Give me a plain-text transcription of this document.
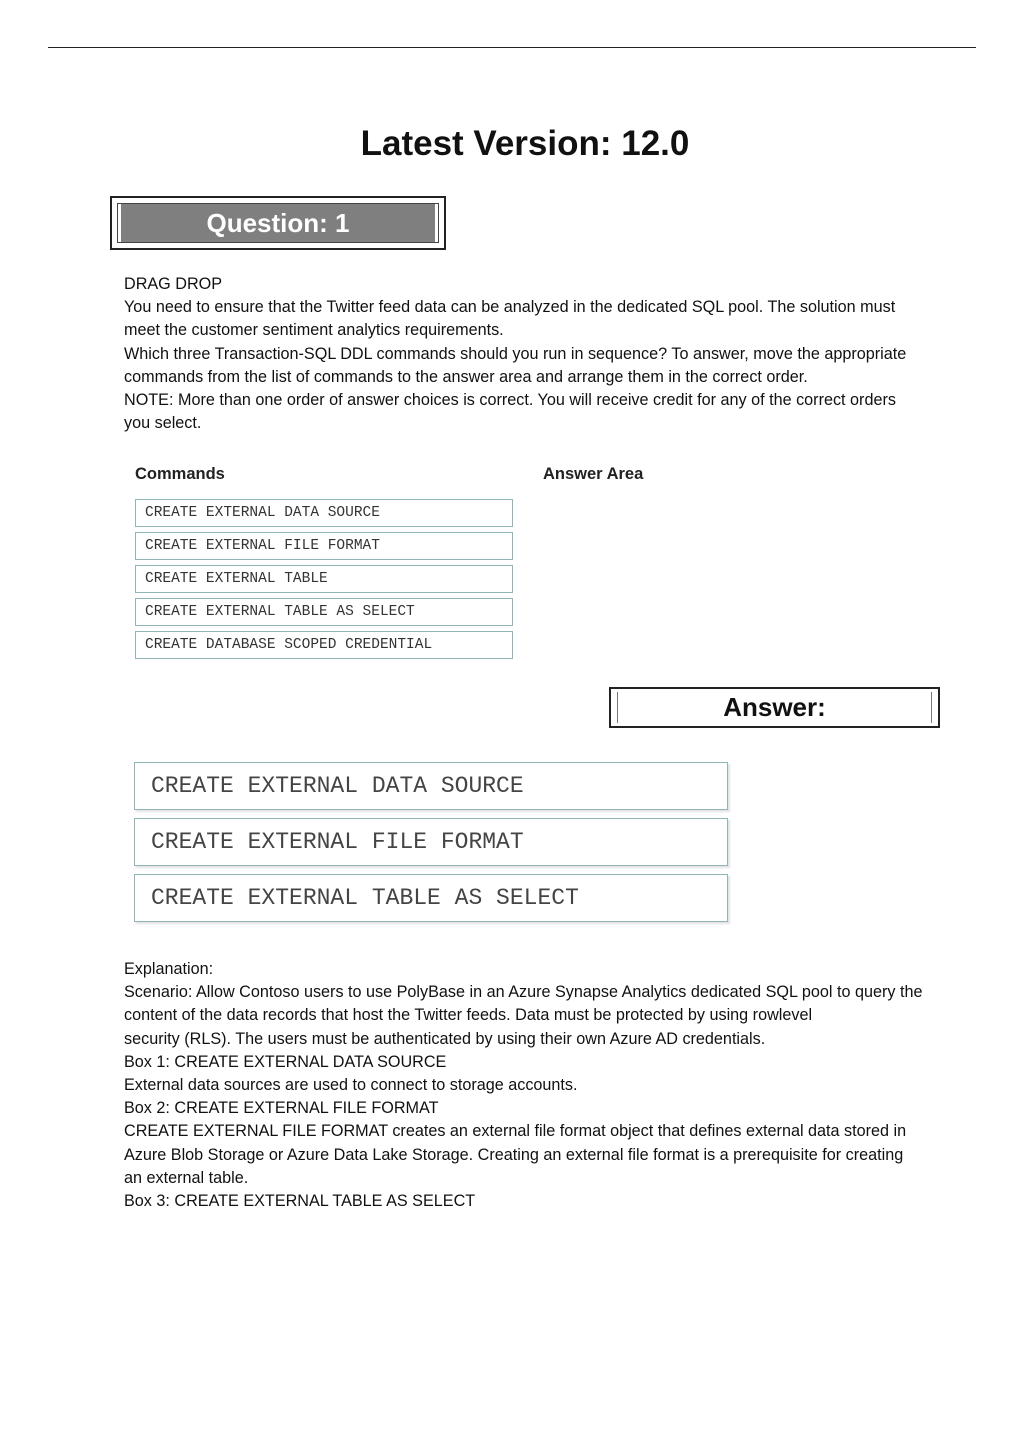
Latest Version: 12.0
Question: 1

DRAG DROP

You need to ensure that the Twitter feed data can be analyzed in the dedicated SQL pool. The solution must meet the customer sentiment analytics requirements.

Which three Transaction-SQL DDL commands should you run in sequence? To answer, move the appropriate commands from the list of commands to the answer area and arrange them in the correct order.

NOTE: More than one order of answer choices is correct. You will receive credit for any of the correct orders you select.

Commands	Answer Area
CREATE EXTERNAL DATA SOURCE
CREATE EXTERNAL FILE FORMAT
CREATE EXTERNAL TABLE
CREATE EXTERNAL TABLE AS SELECT
CREATE DATABASE SCOPED CREDENTIAL
Answer:
CREATE EXTERNAL DATA SOURCE
CREATE EXTERNAL FILE FORMAT
CREATE EXTERNAL TABLE AS SELECT

Explanation:

Scenario: Allow Contoso users to use PolyBase in an Azure Synapse Analytics dedicated SQL pool to query the content of the data records that host the Twitter feeds. Data must be protected by using rowlevel

security (RLS). The users must be authenticated by using their own Azure AD credentials.

Box 1: CREATE EXTERNAL DATA SOURCE

External data sources are used to connect to storage accounts.

Box 2: CREATE EXTERNAL FILE FORMAT

CREATE EXTERNAL FILE FORMAT creates an external file format object that defines external data stored in Azure Blob Storage or Azure Data Lake Storage. Creating an external file format is a prerequisite for creating an external table.

Box 3: CREATE EXTERNAL TABLE AS SELECT
